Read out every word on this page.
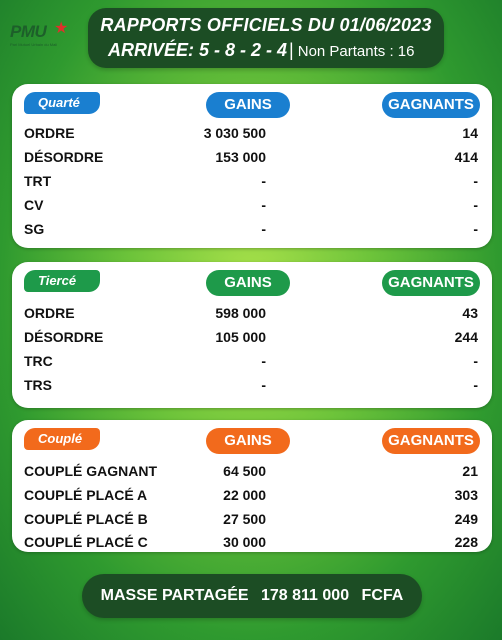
PMU ★
Pari Mutuel Urbain du Mali
RAPPORTS OFFICIELS DU 01/06/2023
ARRIVÉE: 5 - 8 - 2 - 4 | Non Partants : 16
Quarté	GAINS	GAGNANTS
ORDRE	3 030 500	14
DÉSORDRE	153 000	414
TRT	-	-
CV	-	-
SG	-	-
Tiercé	GAINS	GAGNANTS
ORDRE	598 000	43
DÉSORDRE	105 000	244
TRC	-	-
TRS	-	-
Couplé	GAINS	GAGNANTS
COUPLÉ GAGNANT	64 500	21
COUPLÉ PLACÉ A	22 000	303
COUPLÉ PLACÉ B	27 500	249
COUPLÉ PLACÉ C	30 000	228
MASSE PARTAGÉE 178 811 000 FCFA
